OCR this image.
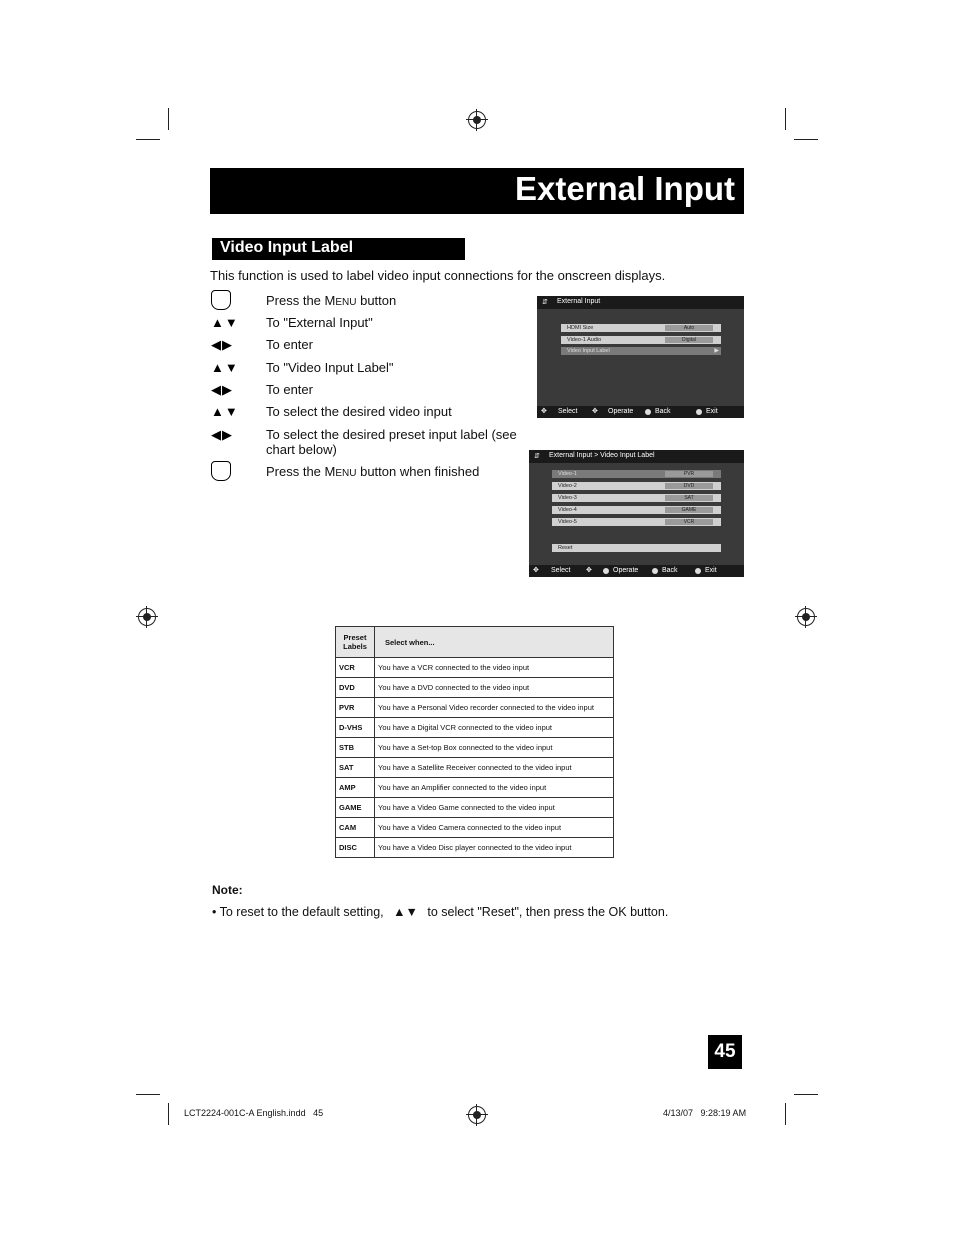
External Input
Video Input Label
This function is used to label video input connections for the onscreen displays.
Press the MENU button
▲▼ To "External Input"
◀▶	To enter
▲▼ To "Video Input Label"
◀▶	To enter
▲▼ To select the desired video input
◀▶	To select the desired preset input label (see chart below)
Press the MENU button when finished
⇵ External Input
HDMI Size	Auto
Video-1 Audio	Digital
Video Input Label	▶
✥ Select ✥ Operate	Back	Exit
⇵ External Input > Video Input Label
Video-1	PVR
Video-2	DVD
Video-3	SAT
Video-4	GAME
Video-5	VCR
Reset
✥ Select ✥	Operate	Back	Exit
Preset Labels	Select when...
VCR	You have a VCR connected to the video input
DVD	You have a DVD connected to the video input
PVR	You have a Personal Video recorder connected to the video input
D-VHS	You have a Digital VCR connected to the video input
STB	You have a Set-top Box connected to the video input
SAT	You have a Satellite Receiver connected to the video input
AMP	You have an Amplifier connected to the video input
GAME	You have a Video Game connected to the video input
CAM	You have a Video Camera connected to the video input
DISC	You have a Video Disc player connected to the video input
Note:
• To reset to the default setting, ▲▼ to select "Reset", then press the OK button.
45
LCT2224-001C-A English.indd   45	4/13/07   9:28:19 AM
